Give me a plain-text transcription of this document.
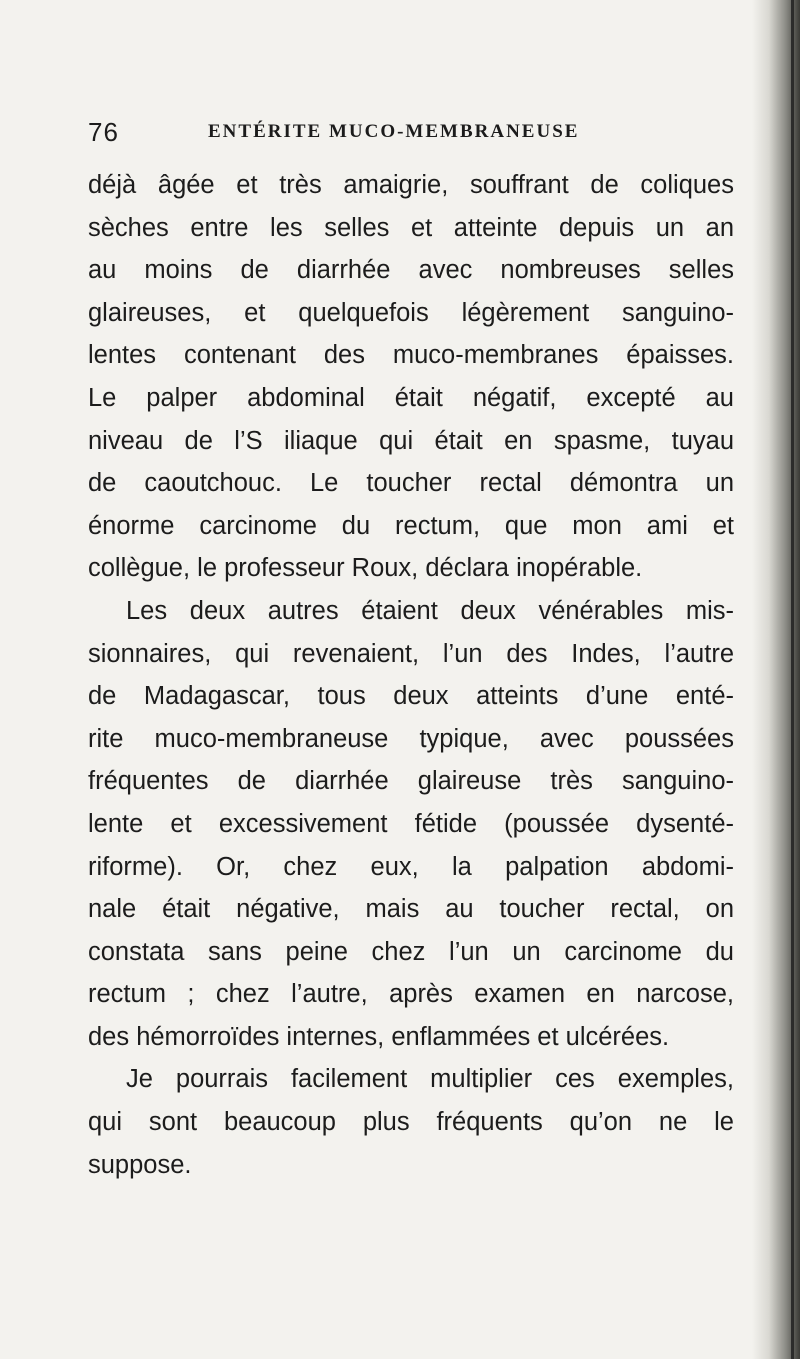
76	ENTÉRITE MUCO-MEMBRANEUSE
déjà âgée et très amaigrie, souffrant de coliques
sèches entre les selles et atteinte depuis un an
au moins de diarrhée avec nombreuses selles
glaireuses, et quelquefois légèrement sanguino-
lentes contenant des muco-membranes épaisses.
Le palper abdominal était négatif, excepté au
niveau de l’S iliaque qui était en spasme, tuyau
de caoutchouc. Le toucher rectal démontra un
énorme carcinome du rectum, que mon ami et
collègue, le professeur Roux, déclara inopérable.
Les deux autres étaient deux vénérables mis-
sionnaires, qui revenaient, l’un des Indes, l’autre
de Madagascar, tous deux atteints d’une enté-
rite muco-membraneuse typique, avec poussées
fréquentes de diarrhée glaireuse très sanguino-
lente et excessivement fétide (poussée dysenté-
riforme). Or, chez eux, la palpation abdomi-
nale était négative, mais au toucher rectal, on
constata sans peine chez l’un un carcinome du
rectum ; chez l’autre, après examen en narcose,
des hémorroïdes internes, enflammées et ulcérées.
Je pourrais facilement multiplier ces exemples,
qui sont beaucoup plus fréquents qu’on ne le
suppose.
